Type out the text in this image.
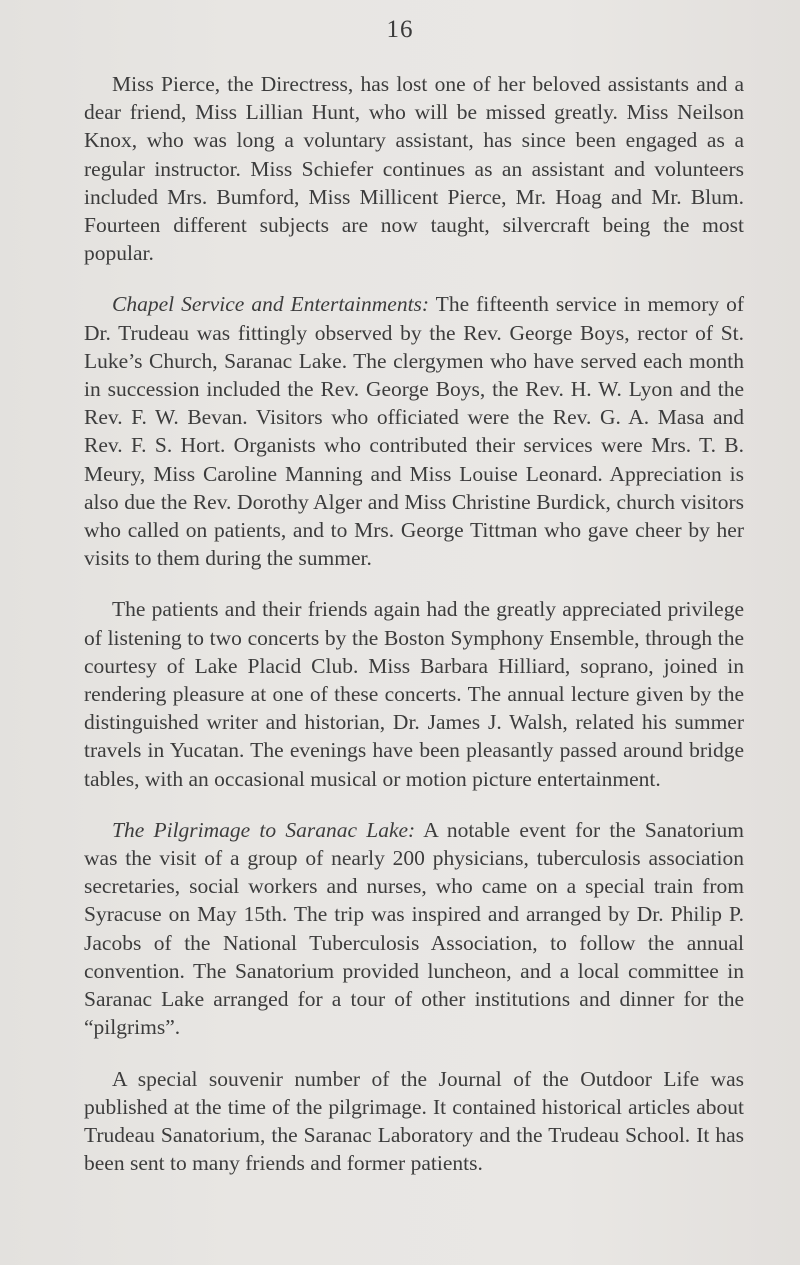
16

Miss Pierce, the Directress, has lost one of her beloved assistants and a dear friend, Miss Lillian Hunt, who will be missed greatly. Miss Neilson Knox, who was long a voluntary assistant, has since been engaged as a regular instructor. Miss Schiefer continues as an assistant and volunteers included Mrs. Bumford, Miss Millicent Pierce, Mr. Hoag and Mr. Blum. Fourteen different subjects are now taught, silvercraft being the most popular.

Chapel Service and Entertainments: The fifteenth service in memory of Dr. Trudeau was fittingly observed by the Rev. George Boys, rector of St. Luke’s Church, Saranac Lake. The clergymen who have served each month in succession included the Rev. George Boys, the Rev. H. W. Lyon and the Rev. F. W. Bevan. Visitors who officiated were the Rev. G. A. Masa and Rev. F. S. Hort. Organists who contributed their services were Mrs. T. B. Meury, Miss Caroline Manning and Miss Louise Leonard. Appreciation is also due the Rev. Dorothy Alger and Miss Christine Burdick, church visitors who called on patients, and to Mrs. George Tittman who gave cheer by her visits to them during the summer.

The patients and their friends again had the greatly appreciated privilege of listening to two concerts by the Boston Symphony Ensemble, through the courtesy of Lake Placid Club. Miss Barbara Hilliard, soprano, joined in rendering pleasure at one of these concerts. The annual lecture given by the distinguished writer and historian, Dr. James J. Walsh, related his summer travels in Yucatan. The evenings have been pleasantly passed around bridge tables, with an occasional musical or motion picture entertainment.

The Pilgrimage to Saranac Lake: A notable event for the Sanatorium was the visit of a group of nearly 200 physicians, tuberculosis association secretaries, social workers and nurses, who came on a special train from Syracuse on May 15th. The trip was inspired and arranged by Dr. Philip P. Jacobs of the National Tuberculosis Association, to follow the annual convention. The Sanatorium provided luncheon, and a local committee in Saranac Lake arranged for a tour of other institutions and dinner for the “pilgrims”.

A special souvenir number of the Journal of the Outdoor Life was published at the time of the pilgrimage. It contained historical articles about Trudeau Sanatorium, the Saranac Laboratory and the Trudeau School. It has been sent to many friends and former patients.
